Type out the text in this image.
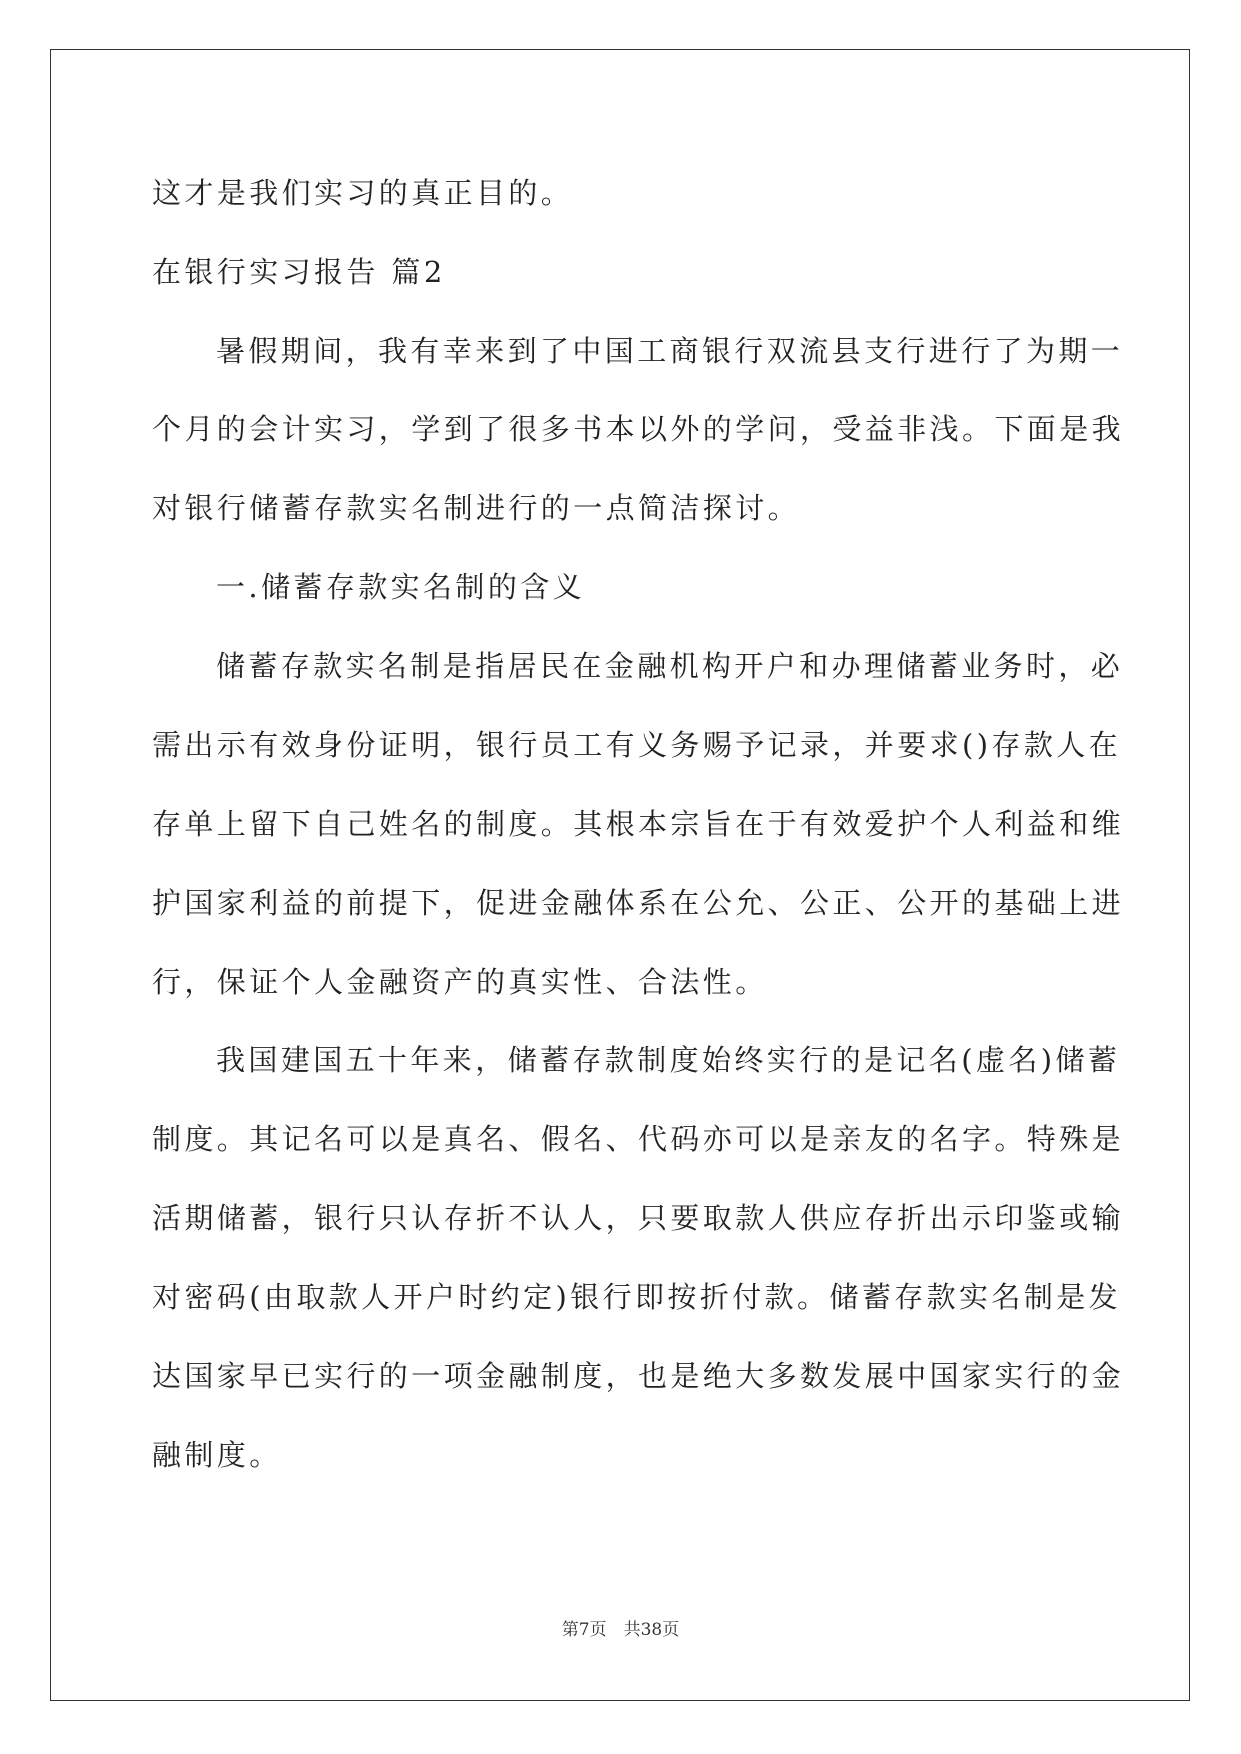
这才是我们实习的真正目的。
在银行实习报告 篇2
暑假期间，我有幸来到了中国工商银行双流县支行进行了为期一
个月的会计实习，学到了很多书本以外的学问，受益非浅。下面是我
对银行储蓄存款实名制进行的一点简洁探讨。
一.储蓄存款实名制的含义
储蓄存款实名制是指居民在金融机构开户和办理储蓄业务时，必
需出示有效身份证明，银行员工有义务赐予记录，并要求()存款人在
存单上留下自己姓名的制度。其根本宗旨在于有效爱护个人利益和维
护国家利益的前提下，促进金融体系在公允、公正、公开的基础上进
行，保证个人金融资产的真实性、合法性。
我国建国五十年来，储蓄存款制度始终实行的是记名(虚名)储蓄
制度。其记名可以是真名、假名、代码亦可以是亲友的名字。特殊是
活期储蓄，银行只认存折不认人，只要取款人供应存折出示印鉴或输
对密码(由取款人开户时约定)银行即按折付款。储蓄存款实名制是发
达国家早已实行的一项金融制度，也是绝大多数发展中国家实行的金
融制度。
第7页　共38页
